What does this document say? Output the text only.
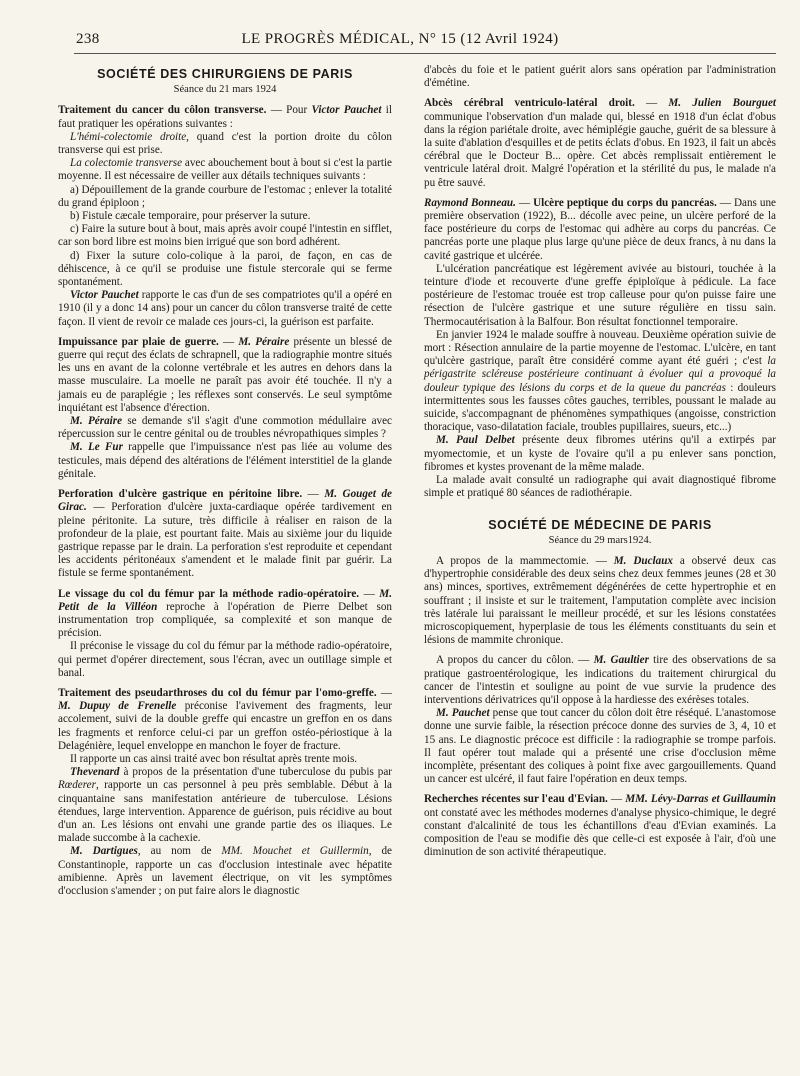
238	LE PROGRÈS MÉDICAL, N° 15 (12 Avril 1924)

SOCIÉTÉ DES CHIRURGIENS DE PARIS

Séance du 21 mars 1924

Traitement du cancer du côlon transverse. — Pour Victor Pauchet il faut pratiquer les opérations suivantes :

L'hémi-colectomie droite, quand c'est la portion droite du côlon transverse qui est prise.

La colectomie transverse avec abouchement bout à bout si c'est la partie moyenne. Il est nécessaire de veiller aux détails techniques suivants :

a) Dépouillement de la grande courbure de l'estomac ; enlever la totalité du grand épiploon ;

b) Fistule cæcale temporaire, pour préserver la suture.

c) Faire la suture bout à bout, mais après avoir coupé l'intestin en sifflet, car son bord libre est moins bien irrigué que son bord adhérent.

d) Fixer la suture colo-colique à la paroi, de façon, en cas de déhiscence, à ce qu'il se produise une fistule stercorale qui se ferme spontanément.

Victor Pauchet rapporte le cas d'un de ses compatriotes qu'il a opéré en 1910 (il y a donc 14 ans) pour un cancer du côlon transverse traité de cette façon. Il vient de revoir ce malade ces jours-ci, la guérison est parfaite.

Impuissance par plaie de guerre. — M. Péraire présente un blessé de guerre qui reçut des éclats de schrapnell, que la radiographie montre situés les uns en avant de la colonne vertébrale et les autres en dehors dans la masse musculaire. La moelle ne paraît pas avoir été touchée. Il n'y a jamais eu de paraplégie ; les réflexes sont conservés. Le seul symptôme inquiétant est l'absence d'érection.

M. Péraire se demande s'il s'agit d'une commotion médullaire avec répercussion sur le centre génital ou de troubles névropathiques simples ?

M. Le Fur rappelle que l'impuissance n'est pas liée au volume des testicules, mais dépend des altérations de l'élément interstitiel de la glande génitale.

Perforation d'ulcère gastrique en péritoine libre. — M. Gouget de Girac. — Perforation d'ulcère juxta-cardiaque opérée tardivement en pleine péritonite. La suture, très difficile à réaliser en raison de la profondeur de la plaie, est pourtant faite. Mais au sixième jour du liquide gastrique repasse par le drain. La perforation s'est reproduite et cependant les accidents péritonéaux s'amendent et le malade finit par guérir. La fistule se ferme spontanément.

Le vissage du col du fémur par la méthode radio-opératoire. — M. Petit de la Villéon reproche à l'opération de Pierre Delbet son instrumentation trop compliquée, sa complexité et son manque de précision.

Il préconise le vissage du col du fémur par la méthode radio-opératoire, qui permet d'opérer directement, sous l'écran, avec un outillage simple et banal.

Traitement des pseudarthroses du col du fémur par l'omo-greffe. — M. Dupuy de Frenelle préconise l'avivement des fragments, leur accolement, suivi de la double greffe qui encastre un greffon en os dans les fragments et renforce celui-ci par un greffon ostéo-périostique à la Delagénière, lequel enveloppe en manchon le foyer de fracture.

Il rapporte un cas ainsi traité avec bon résultat après trente mois.

Thevenard à propos de la présentation d'une tuberculose du pubis par Rœderer, rapporte un cas personnel à peu près semblable. Début à la cinquantaine sans manifestation antérieure de tuberculose. Lésions étendues, large intervention. Apparence de guérison, puis récidive au bout d'un an. Les lésions ont envahi une grande partie des os iliaques. Le malade succombe à la cachexie.

M. Dartigues, au nom de MM. Mouchet et Guillermin, de Constantinople, rapporte un cas d'occlusion intestinale avec hépatite amibienne. Après un lavement électrique, on vit les symptômes d'occlusion s'amender ; on put faire alors le diagnostic

d'abcès du foie et le patient guérit alors sans opération par l'administration d'émétine.

Abcès cérébral ventriculo-latéral droit. — M. Julien Bourguet communique l'observation d'un malade qui, blessé en 1918 d'un éclat d'obus dans la région pariétale droite, avec hémiplégie gauche, guérit de sa blessure à la suite d'ablation d'esquilles et de petits éclats d'obus. En 1923, il fait un abcès cérébral que le Docteur B... opère. Cet abcès remplissait entièrement le ventricule latéral droit. Malgré l'opération et la stérilité du pus, le malade n'a pu être sauvé.

Raymond Bonneau. — Ulcère peptique du corps du pancréas. — Dans une première observation (1922), B... décolle avec peine, un ulcère perforé de la face postérieure du corps de l'estomac qui adhère au corps du pancréas. Ce pancréas porte une plaque plus large qu'une pièce de deux francs, à nu dans la cavité gastrique et ulcérée.

L'ulcération pancréatique est légèrement avivée au bistouri, touchée à la teinture d'iode et recouverte d'une greffe épiploïque à pédicule. La face postérieure de l'estomac trouée est trop calleuse pour qu'on puisse faire une résection de l'ulcère gastrique et une suture régulière en tissu sain. Thermocautérisation à la Balfour. Bon résultat fonctionnel temporaire.

En janvier 1924 le malade souffre à nouveau. Deuxième opération suivie de mort : Résection annulaire de la partie moyenne de l'estomac. L'ulcère, en tant qu'ulcère gastrique, paraît être considéré comme ayant été guéri ; c'est la périgastrite scléreuse postérieure continuant à évoluer qui a provoqué la douleur typique des lésions du corps et de la queue du pancréas : douleurs intermittentes sous les fausses côtes gauches, terribles, poussant le malade au suicide, s'accompagnant de phénomènes sympathiques (angoisse, constriction thoracique, vaso-dilatation faciale, troubles pupillaires, sueurs, etc...)

M. Paul Delbet présente deux fibromes utérins qu'il a extirpés par myomectomie, et un kyste de l'ovaire qu'il a pu enlever sans ponction, fibromes et kystes provenant de la même malade.

La malade avait consulté un radiographe qui avait diagnostiqué fibrome simple et pratiqué 80 séances de radiothérapie.

SOCIÉTÉ DE MÉDECINE DE PARIS

Séance du 29 mars1924.

A propos de la mammectomie. — M. Duclaux a observé deux cas d'hypertrophie considérable des deux seins chez deux femmes jeunes (28 et 30 ans) minces, sportives, extrêmement dégénérées de cette hypertrophie et en souffrant ; il insiste et sur le traitement, l'amputation complète avec incision très latérale lui paraissant le meilleur procédé, et sur les lésions constatées microscopiquement, hyperplasie de tous les éléments constituants du sein et lésions de mammite chronique.

A propos du cancer du côlon. — M. Gaultier tire des observations de sa pratique gastroentérologique, les indications du traitement chirurgical du cancer de l'intestin et souligne au point de vue survie la prudence des interventions dérivatrices qu'il oppose à la hardiesse des exérèses totales.

M. Pauchet pense que tout cancer du côlon doit être réséqué. L'anastomose donne une survie faible, la résection précoce donne des survies de 3, 4, 10 et 15 ans. Le diagnostic précoce est difficile : la radiographie se trompe parfois. Il faut opérer tout malade qui a présenté une crise d'occlusion même incomplète, présentant des coliques à point fixe avec gargouillements. Quand un cancer est ulcéré, il faut faire l'opération en deux temps.

Recherches récentes sur l'eau d'Evian. — MM. Lévy-Darras et Guillaumin ont constaté avec les méthodes modernes d'analyse physico-chimique, le degré constant d'alcalinité de tous les échantillons d'eau d'Evian examinés. La composition de l'eau se modifie dès que celle-ci est exposée à l'air, d'où une diminution de son activité thérapeutique.
